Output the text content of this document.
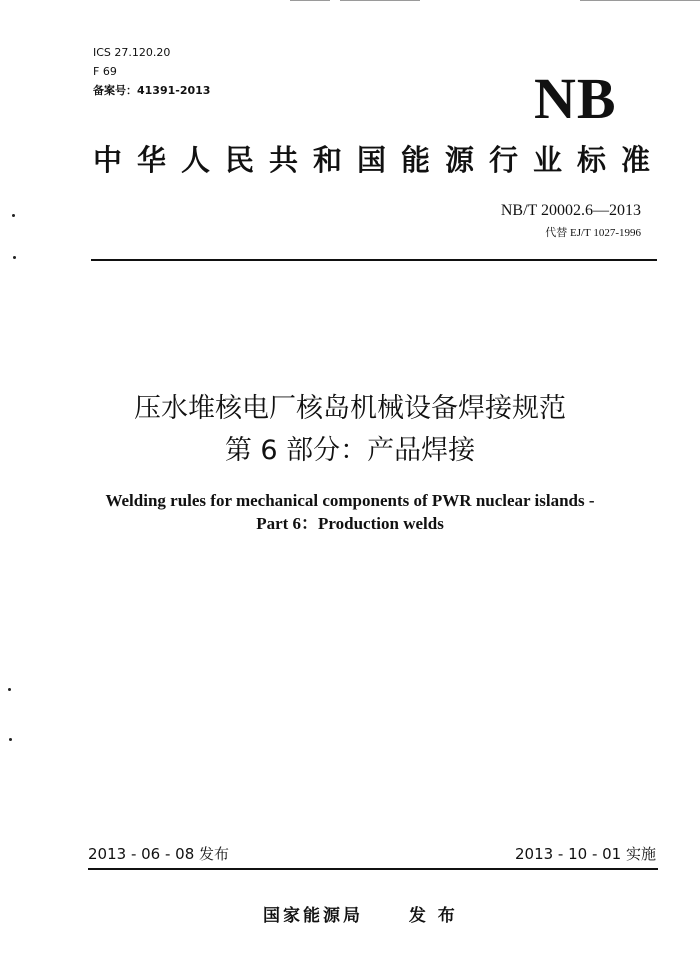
ICS 27.120.20
F 69
备案号：41391-2013	NB
中华人民共和国能源行业标准
NB/T 20002.6—2013
代替 EJ/T 1027-1996
压水堆核电厂核岛机械设备焊接规范
第 6 部分：产品焊接
Welding rules for mechanical components of PWR nuclear islands -
Part 6：Production welds
2013 - 06 - 08 发布	2013 - 10 - 01 实施
国家能源局	发 布
